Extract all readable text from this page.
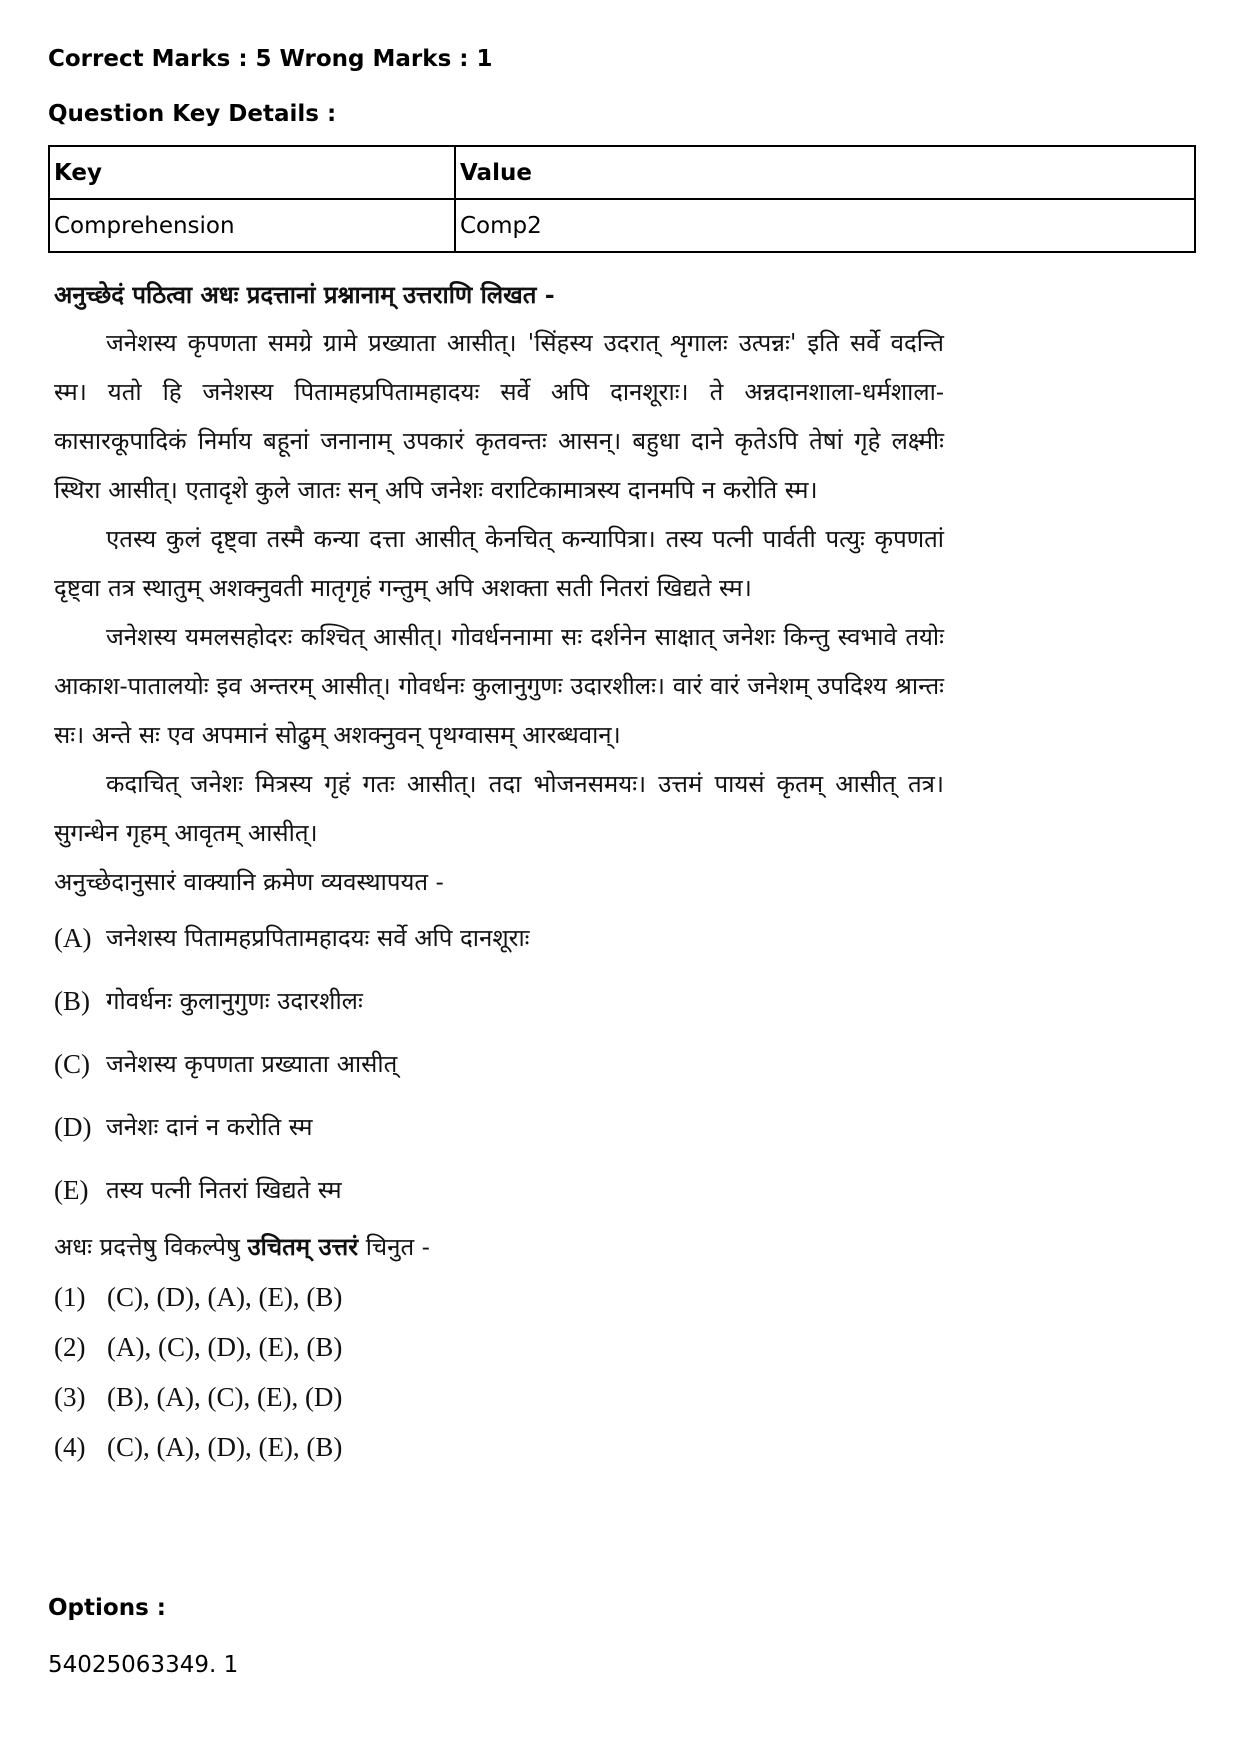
Correct Marks : 5 Wrong Marks : 1
Question Key Details :
Key	Value
Comprehension	Comp2

अनुच्छेदं पठित्वा अधः प्रदत्तानां प्रश्नानाम् उत्तराणि लिखत -

जनेशस्य कृपणता समग्रे ग्रामे प्रख्याता आसीत्। 'सिंहस्य उदरात् शृगालः उत्पन्नः' इति सर्वे वदन्ति स्म। यतो हि जनेशस्य पितामहप्रपितामहादयः सर्वे अपि दानशूराः। ते अन्नदानशाला-धर्मशाला-कासारकूपादिकं निर्माय बहूनां जनानाम् उपकारं कृतवन्तः आसन्। बहुधा दाने कृतेऽपि तेषां गृहे लक्ष्मीः स्थिरा आसीत्। एतादृशे कुले जातः सन् अपि जनेशः वराटिकामात्रस्य दानमपि न करोति स्म।

एतस्य कुलं दृष्ट्वा तस्मै कन्या दत्ता आसीत् केनचित् कन्यापित्रा। तस्य पत्नी पार्वती पत्युः कृपणतां दृष्ट्वा तत्र स्थातुम् अशक्नुवती मातृगृहं गन्तुम् अपि अशक्ता सती नितरां खिद्यते स्म।

जनेशस्य यमलसहोदरः कश्चित् आसीत्। गोवर्धननामा सः दर्शनेन साक्षात् जनेशः किन्तु स्वभावे तयोः आकाश-पातालयोः इव अन्तरम् आसीत्। गोवर्धनः कुलानुगुणः उदारशीलः। वारं वारं जनेशम् उपदिश्य श्रान्तः सः। अन्ते सः एव अपमानं सोढुम् अशक्नुवन् पृथग्वासम् आरब्धवान्।

कदाचित् जनेशः मित्रस्य गृहं गतः आसीत्। तदा भोजनसमयः। उत्तमं पायसं कृतम् आसीत् तत्र। सुगन्धेन गृहम् आवृतम् आसीत्।

अनुच्छेदानुसारं वाक्यानि क्रमेण व्यवस्थापयत -

(A) जनेशस्य पितामहप्रपितामहादयः सर्वे अपि दानशूराः
(B) गोवर्धनः कुलानुगुणः उदारशीलः
(C) जनेशस्य कृपणता प्रख्याता आसीत्
(D) जनेशः दानं न करोति स्म
(E) तस्य पत्नी नितरां खिद्यते स्म

अधः प्रदत्तेषु विकल्पेषु उचितम् उत्तरं चिनुत -

(1) (C), (D), (A), (E), (B)
(2) (A), (C), (D), (E), (B)
(3) (B), (A), (C), (E), (D)
(4) (C), (A), (D), (E), (B)
Options :
54025063349. 1
